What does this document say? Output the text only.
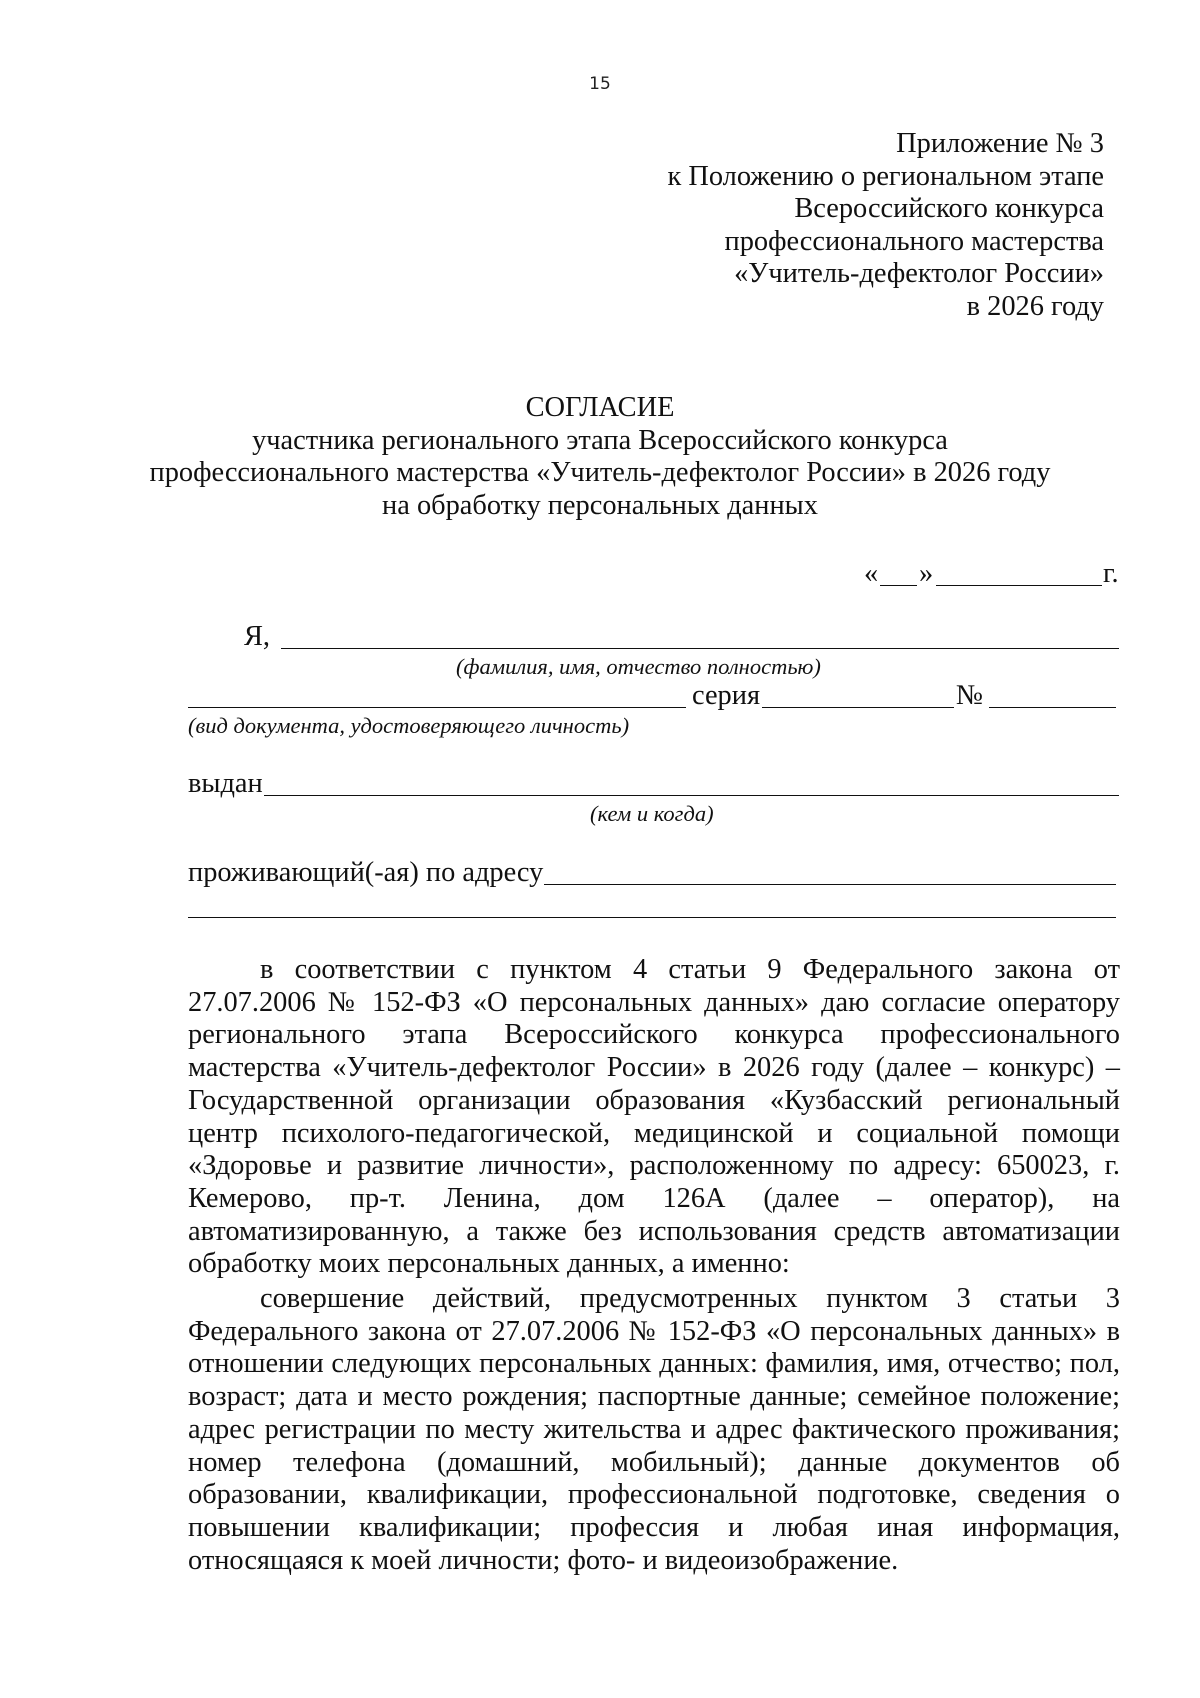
15
Приложение № 3
к Положению о региональном этапе
Всероссийского конкурса
профессионального мастерства
«Учитель-дефектолог России»
в 2026 году
СОГЛАСИЕ
участника регионального этапа Всероссийского конкурса
профессионального мастерства «Учитель-дефектолог России» в 2026 году
на обработку персональных данных
« »	г.
Я,
(фамилия, имя, отчество полностью)
серия	№
(вид документа, удостоверяющего личность)
выдан
(кем и когда)
проживающий(-ая) по адресу

в соответствии с пунктом 4 статьи 9 Федерального закона от 27.07.2006 № 152-ФЗ «О персональных данных» даю согласие оператору регионального этапа Всероссийского конкурса профессионального мастерства «Учитель-дефектолог России» в 2026 году (далее – конкурс) – Государственной организации образования «Кузбасский региональный центр психолого-педагогической, медицинской и социальной помощи «Здоровье и развитие личности», расположенному по адресу: 650023, г. Кемерово, пр-т. Ленина, дом 126А (далее – оператор), на автоматизированную, а также без использования средств автоматизации обработку моих персональных данных, а именно:

совершение действий, предусмотренных пунктом 3 статьи 3 Федерального закона от 27.07.2006 № 152-ФЗ «О персональных данных» в отношении следующих персональных данных: фамилия, имя, отчество; пол, возраст; дата и место рождения; паспортные данные; семейное положение; адрес регистрации по месту жительства и адрес фактического проживания; номер телефона (домашний, мобильный); данные документов об образовании, квалификации, профессиональной подготовке, сведения о повышении квалификации; профессия и любая иная информация, относящаяся к моей личности; фото- и видеоизображение.
